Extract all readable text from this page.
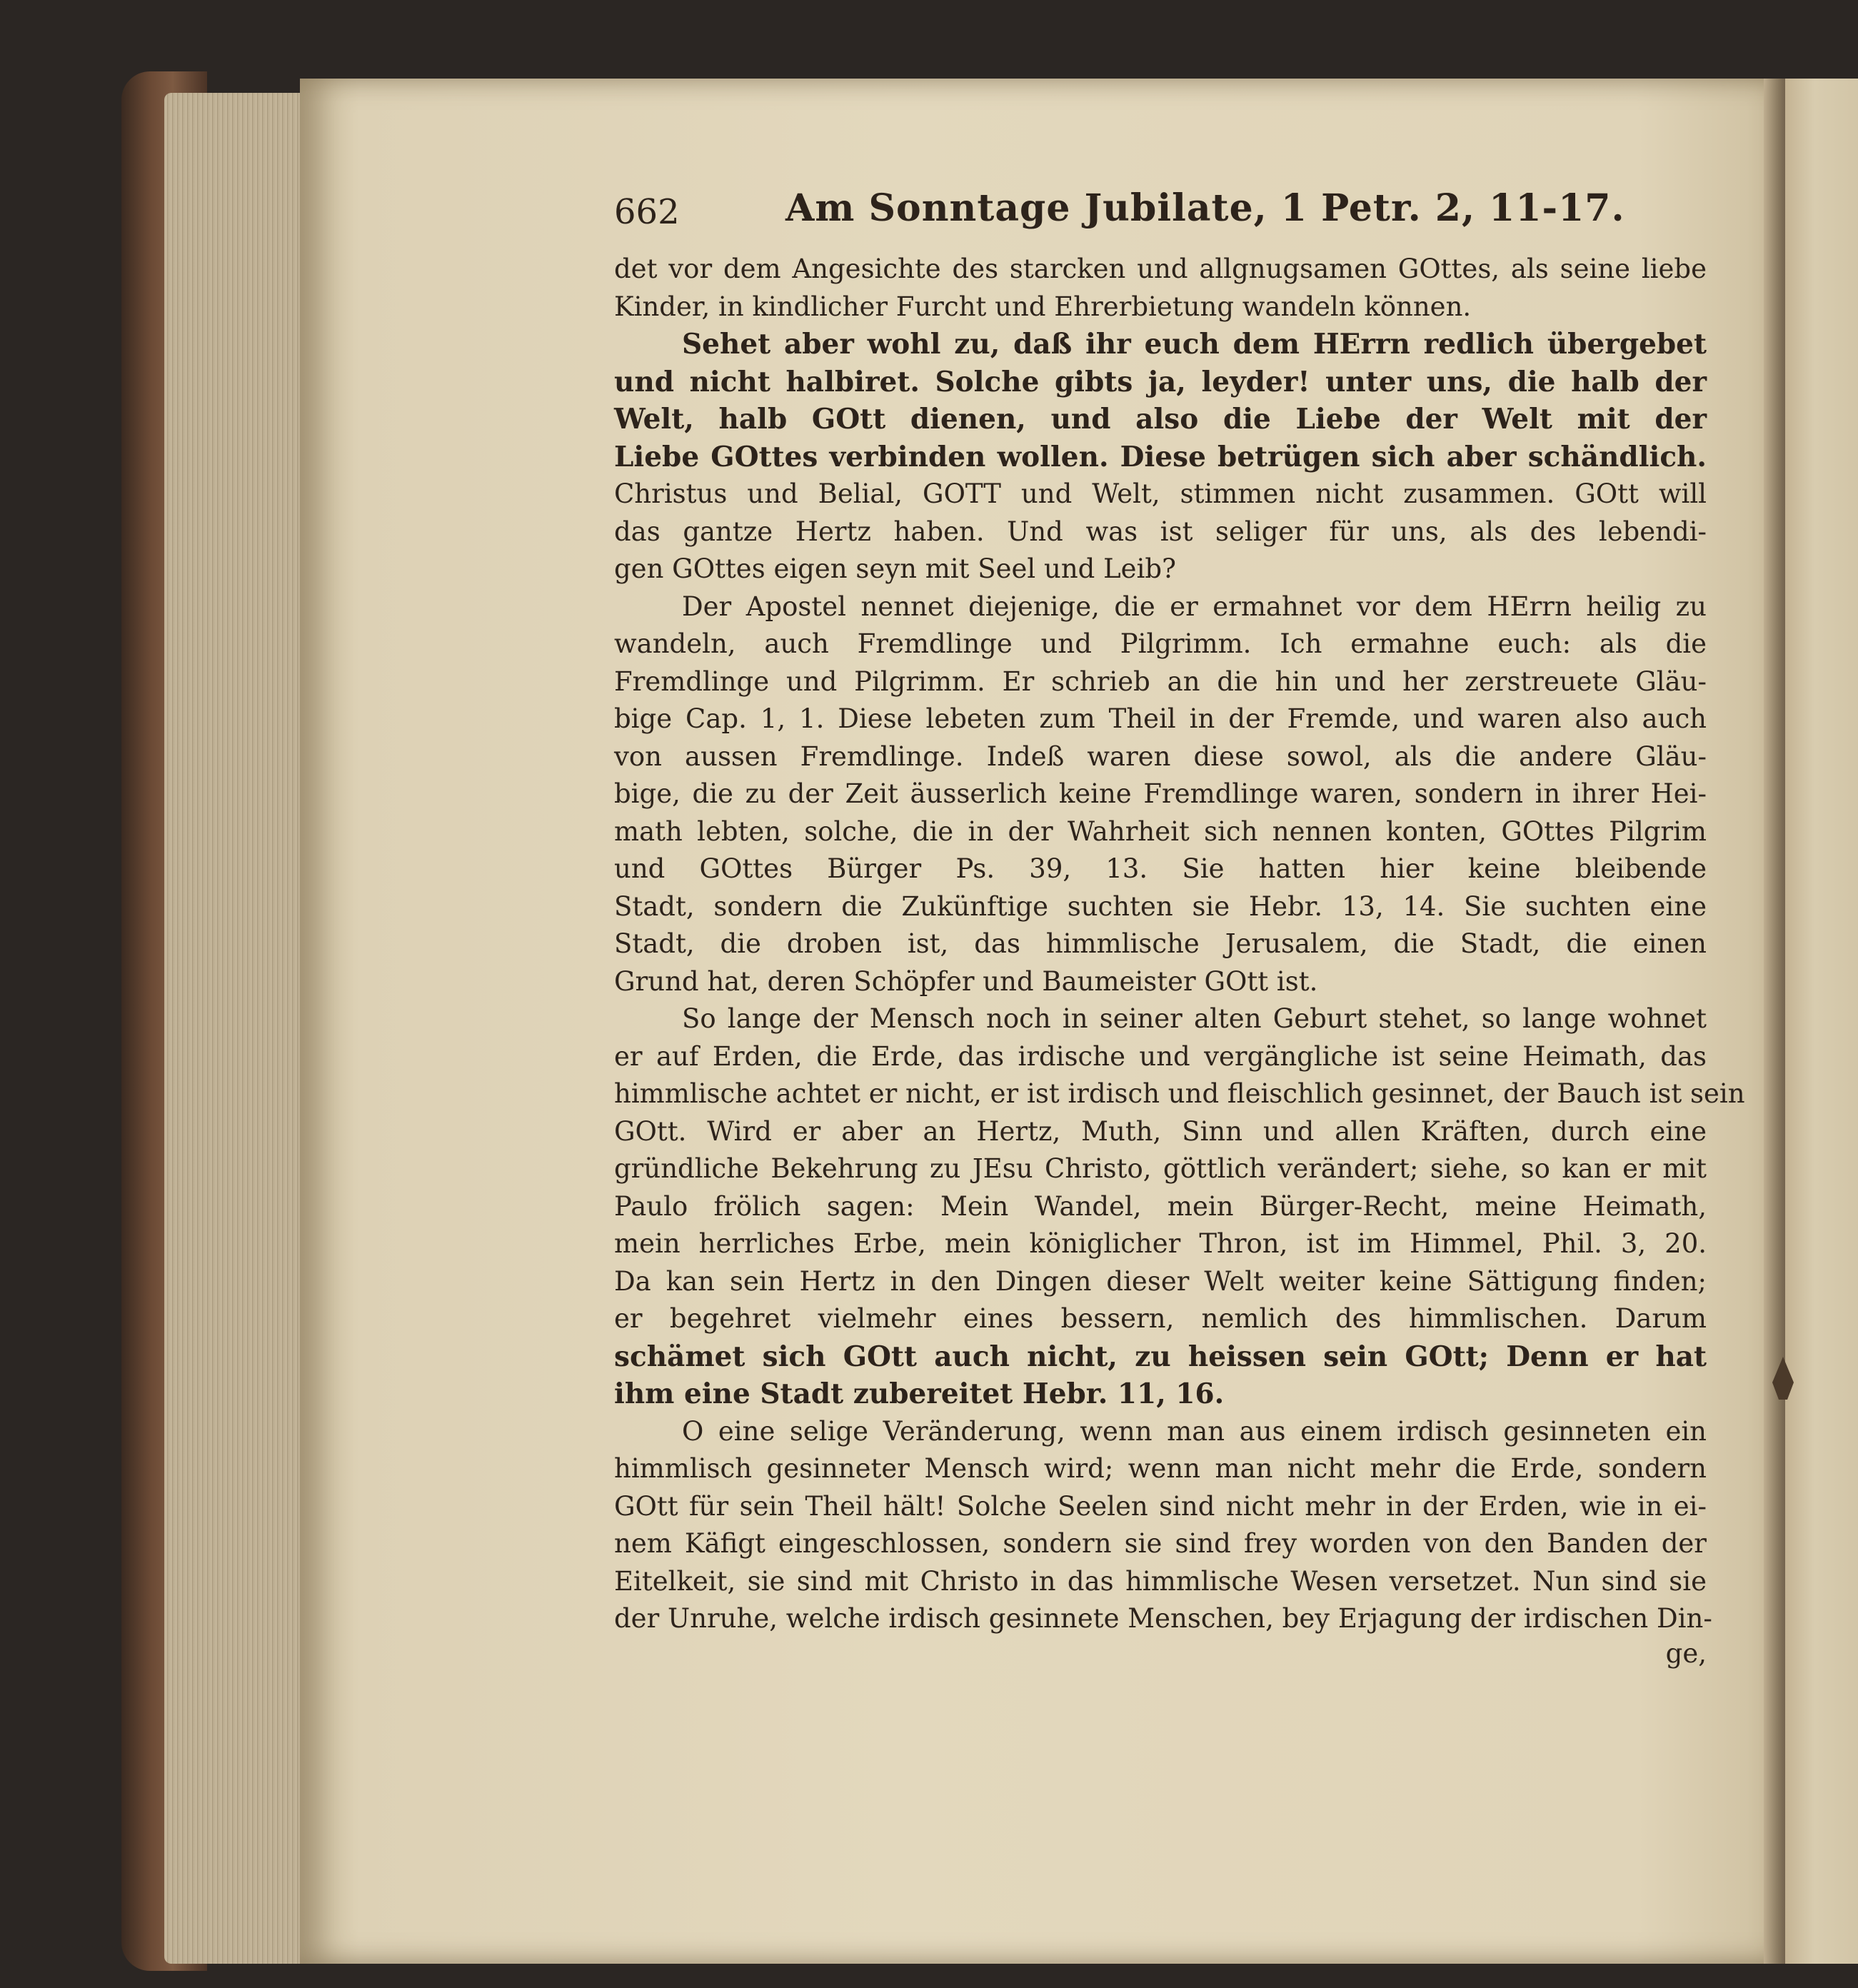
662	Am Sonntage Jubilate, 1 Petr. 2, 11-17.
det vor dem Angesichte des starcken und allgnugsamen GOttes, als seine liebe
Kinder, in kindlicher Furcht und Ehrerbietung wandeln können.
Sehet aber wohl zu, daß ihr euch dem HErrn redlich übergebet
und nicht halbiret. Solche gibts ja, leyder! unter uns, die halb der
Welt, halb GOtt dienen, und also die Liebe der Welt mit der
Liebe GOttes verbinden wollen. Diese betrügen sich aber schändlich.
Christus und Belial, GOTT und Welt, stimmen nicht zusammen. GOtt will
das gantze Hertz haben. Und was ist seliger für uns, als des lebendi-
gen GOttes eigen seyn mit Seel und Leib?
Der Apostel nennet diejenige, die er ermahnet vor dem HErrn heilig zu
wandeln, auch Fremdlinge und Pilgrimm. Ich ermahne euch: als die
Fremdlinge und Pilgrimm. Er schrieb an die hin und her zerstreuete Gläu-
bige Cap. 1, 1. Diese lebeten zum Theil in der Fremde, und waren also auch
von aussen Fremdlinge. Indeß waren diese sowol, als die andere Gläu-
bige, die zu der Zeit äusserlich keine Fremdlinge waren, sondern in ihrer Hei-
math lebten, solche, die in der Wahrheit sich nennen konten, GOttes Pilgrim
und GOttes Bürger Ps. 39, 13. Sie hatten hier keine bleibende
Stadt, sondern die Zukünftige suchten sie Hebr. 13, 14. Sie suchten eine
Stadt, die droben ist, das himmlische Jerusalem, die Stadt, die einen
Grund hat, deren Schöpfer und Baumeister GOtt ist.
So lange der Mensch noch in seiner alten Geburt stehet, so lange wohnet
er auf Erden, die Erde, das irdische und vergängliche ist seine Heimath, das
himmlische achtet er nicht, er ist irdisch und fleischlich gesinnet, der Bauch ist sein
GOtt. Wird er aber an Hertz, Muth, Sinn und allen Kräften, durch eine
gründliche Bekehrung zu JEsu Christo, göttlich verändert; siehe, so kan er mit
Paulo frölich sagen: Mein Wandel, mein Bürger-Recht, meine Heimath,
mein herrliches Erbe, mein königlicher Thron, ist im Himmel, Phil. 3, 20.
Da kan sein Hertz in den Dingen dieser Welt weiter keine Sättigung finden;
er begehret vielmehr eines bessern, nemlich des himmlischen. Darum
schämet sich GOtt auch nicht, zu heissen sein GOtt; Denn er hat
ihm eine Stadt zubereitet Hebr. 11, 16.
O eine selige Veränderung, wenn man aus einem irdisch gesinneten ein
himmlisch gesinneter Mensch wird; wenn man nicht mehr die Erde, sondern
GOtt für sein Theil hält! Solche Seelen sind nicht mehr in der Erden, wie in ei-
nem Käfigt eingeschlossen, sondern sie sind frey worden von den Banden der
Eitelkeit, sie sind mit Christo in das himmlische Wesen versetzet. Nun sind sie
der Unruhe, welche irdisch gesinnete Menschen, bey Erjagung der irdischen Din-
ge,
